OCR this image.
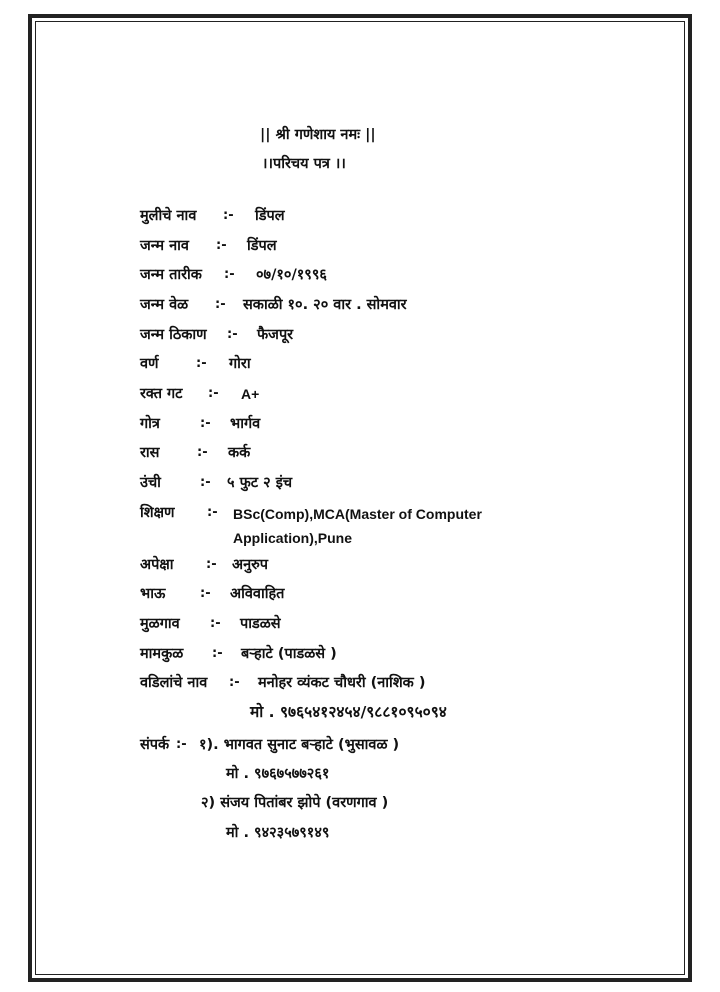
|| श्री गणेशाय नमः ||
।।परिचय पत्र ।।
मुलीचे नाव :- डिंपल
जन्म नाव :- डिंपल
जन्म तारीक :- ०७/१०/१९९६
जन्म वेळ :- सकाळी १०. २० वार . सोमवार
जन्म ठिकाण :- फैजपूर
वर्ण	:- गोरा
रक्त गट :- A+
गोत्र	:- भार्गव
रास	:- कर्क
उंची	:- ५ फुट २ इंच
शिक्षण	:- BSc(Comp),MCA(Master of Computer
Application),Pune
अपेक्षा	:- अनुरुप
भाऊ	:- अविवाहित
मुळगाव :- पाडळसे
मामकुळ :- बऱ्हाटे (पाडळसे )
वडिलांचे नाव :- मनोहर व्यंकट चौधरी (नाशिक )
मो . ९७६५४१२४५४/९८८१०९५०९४
संपर्क :- १). भागवत सुनाट बऱ्हाटे (भुसावळ )
मो . ९७६७५७७२६१
२) संजय पितांबर झोपे (वरणगाव )
मो . ९४२३५७९१४९
